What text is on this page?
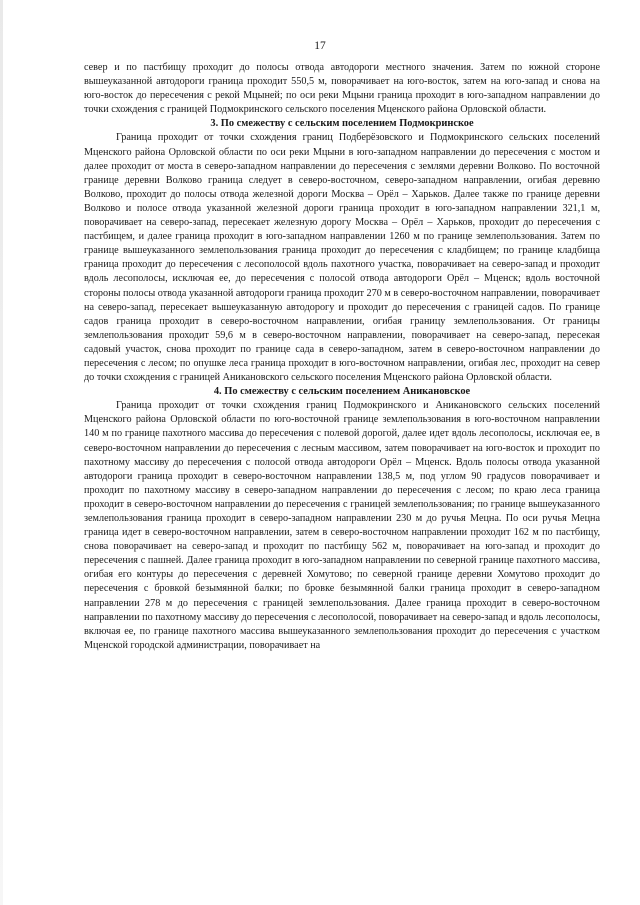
17

север и по пастбищу проходит до полосы отвода автодороги местного значения. Затем по южной стороне вышеуказанной автодороги граница проходит 550,5 м, поворачивает на юго-восток, затем на юго-запад и снова на юго-восток до пересечения с рекой Мцыней; по оси реки Мцыни граница проходит в юго-западном направлении до точки схождения с границей Подмокринского сельского поселения Мценского района Орловской области.

3. По смежеству с сельским поселением Подмокринское

Граница проходит от точки схождения границ Подберёзовского и Подмокринского сельских поселений Мценского района Орловской области по оси реки Мцыни в юго-западном направлении до пересечения с мостом и далее проходит от моста в северо-западном направлении до пересечения с землями деревни Волково. По восточной границе деревни Волково граница следует в северо-восточном, северо-западном направлении, огибая деревню Волково, проходит до полосы отвода железной дороги Москва – Орёл – Харьков. Далее также по границе деревни Волково и полосе отвода указанной железной дороги граница проходит в юго-западном направлении 321,1 м, поворачивает на северо-запад, пересекает железную дорогу Москва – Орёл – Харьков, проходит до пересечения с пастбищем, и далее граница проходит в юго-западном направлении 1260 м по границе землепользования. Затем по границе вышеуказанного землепользования граница проходит до пересечения с кладбищем; по границе кладбища граница проходит до пересечения с лесополосой вдоль пахотного участка, поворачивает на северо-запад и проходит вдоль лесополосы, исключая ее, до пересечения с полосой отвода автодороги Орёл – Мценск; вдоль восточной стороны полосы отвода указанной автодороги граница проходит 270 м в северо-восточном направлении, поворачивает на северо-запад, пересекает вышеуказанную автодорогу и проходит до пересечения с границей садов. По границе садов граница проходит в северо-восточном направлении, огибая границу землепользования. От границы землепользования проходит 59,6 м в северо-восточном направлении, поворачивает на северо-запад, пересекая садовый участок, снова проходит по границе сада в северо-западном, затем в северо-восточном направлении до пересечения с лесом; по опушке леса граница проходит в юго-восточном направлении, огибая лес, проходит на север до точки схождения с границей Аникановского сельского поселения Мценского района Орловской области.

4. По смежеству с сельским поселением Аникановское

Граница проходит от точки схождения границ Подмокринского и Аникановского сельских поселений Мценского района Орловской области по юго-восточной границе землепользования в юго-восточном направлении 140 м по границе пахотного массива до пересечения с полевой дорогой, далее идет вдоль лесополосы, исключая ее, в северо-восточном направлении до пересечения с лесным массивом, затем поворачивает на юго-восток и проходит по пахотному массиву до пересечения с полосой отвода автодороги Орёл – Мценск. Вдоль полосы отвода указанной автодороги граница проходит в северо-восточном направлении 138,5 м, под углом 90 градусов поворачивает и проходит по пахотному массиву в северо-западном направлении до пересечения с лесом; по краю леса граница проходит в северо-восточном направлении до пересечения с границей землепользования; по границе вышеуказанного землепользования граница проходит в северо-западном направлении 230 м до ручья Мецна. По оси ручья Мецна граница идет в северо-восточном направлении, затем в северо-восточном направлении проходит 162 м по пастбищу, снова поворачивает на северо-запад и проходит по пастбищу 562 м, поворачивает на юго-запад и проходит до пересечения с пашней. Далее граница проходит в юго-западном направлении по северной границе пахотного массива, огибая его контуры до пересечения с деревней Хомутово; по северной границе деревни Хомутово проходит до пересечения с бровкой безымянной балки; по бровке безымянной балки граница проходит в северо-западном направлении 278 м до пересечения с границей землепользования. Далее граница проходит в северо-восточном направлении по пахотному массиву до пересечения с лесополосой, поворачивает на северо-запад и вдоль лесополосы, включая ее, по границе пахотного массива вышеуказанного землепользования проходит до пересечения с участком Мценской городской администрации, поворачивает на
